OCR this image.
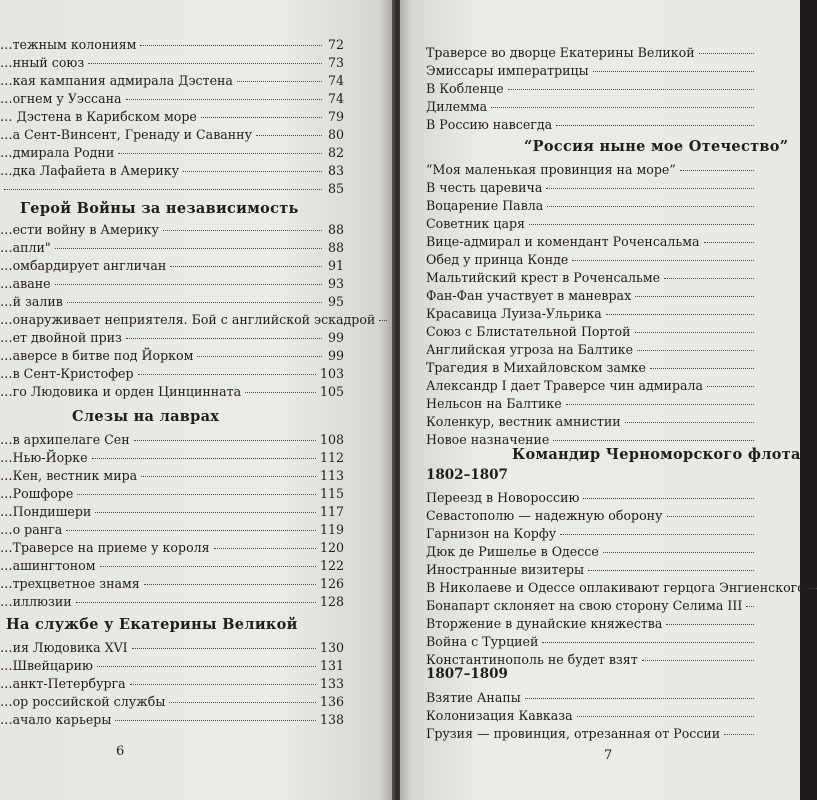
…тежным колониям	72
…нный союз	73
…кая кампания адмирала Дэстена	74
…огнем у Уэссана	74
… Дэстена в Карибском море	79
…а Сент-Винсент, Гренаду и Саванну	80
…дмирала Родни	82
…дка Лафайета в Америку	83
85
Герой Войны за независимость
…ести войну в Америку	88
…апли"	88
…омбардирует англичан	91
…аване	93
…й залив	95
…онаруживает неприятеля. Бой с английской эскадрой
…ет двойной приз	99
…аверсе в битве под Йорком	99
…в Сент-Кристофер	103
…го Людовика и орден Цинцинната	105
Слезы на лаврах
…в архипелаге Сен	108
…Нью-Йорке	112
…Кен, вестник мира	113
…Рошфоре	115
…Пондишери	117
…о ранга	119
…Траверсе на приеме у короля	120
…ашингтоном	122
…трехцветное знамя	126
…иллюзии	128
На службе у Екатерины Великой
…ия Людовика XVI	130
…Швейцарию	131
…анкт-Петербурга	133
…ор российской службы	136
…ачало карьеры	138
6
Траверсе во дворце Екатерины Великой
Эмиссары императрицы
В Кобленце
Дилемма
В Россию навсегда
“Россия ныне мое Отечество”
“Моя маленькая провинция на море”
В честь царевича
Воцарение Павла
Советник царя
Вице-адмирал и комендант Роченсальма
Обед у принца Конде
Мальтийский крест в Роченсальме
Фан-Фан участвует в маневрах
Красавица Луиза-Ульрика
Союз с Блистательной Портой
Английская угроза на Балтике
Трагедия в Михайловском замке
Александр I дает Траверсе чин адмирала
Нельсон на Балтике
Коленкур, вестник амнистии
Новое назначение
Командир Черноморского флота
1802–1807
Переезд в Новороссию
Севастополю — надежную оборону
Гарнизон на Корфу
Дюк де Ришелье в Одессе
Иностранные визитеры
В Николаеве и Одессе оплакивают герцога Энгиенского
Бонапарт склоняет на свою сторону Селима III
Вторжение в дунайские княжества
Война с Турцией
Константинополь не будет взят
1807–1809
Взятие Анапы
Колонизация Кавказа
Грузия — провинция, отрезанная от России
7
